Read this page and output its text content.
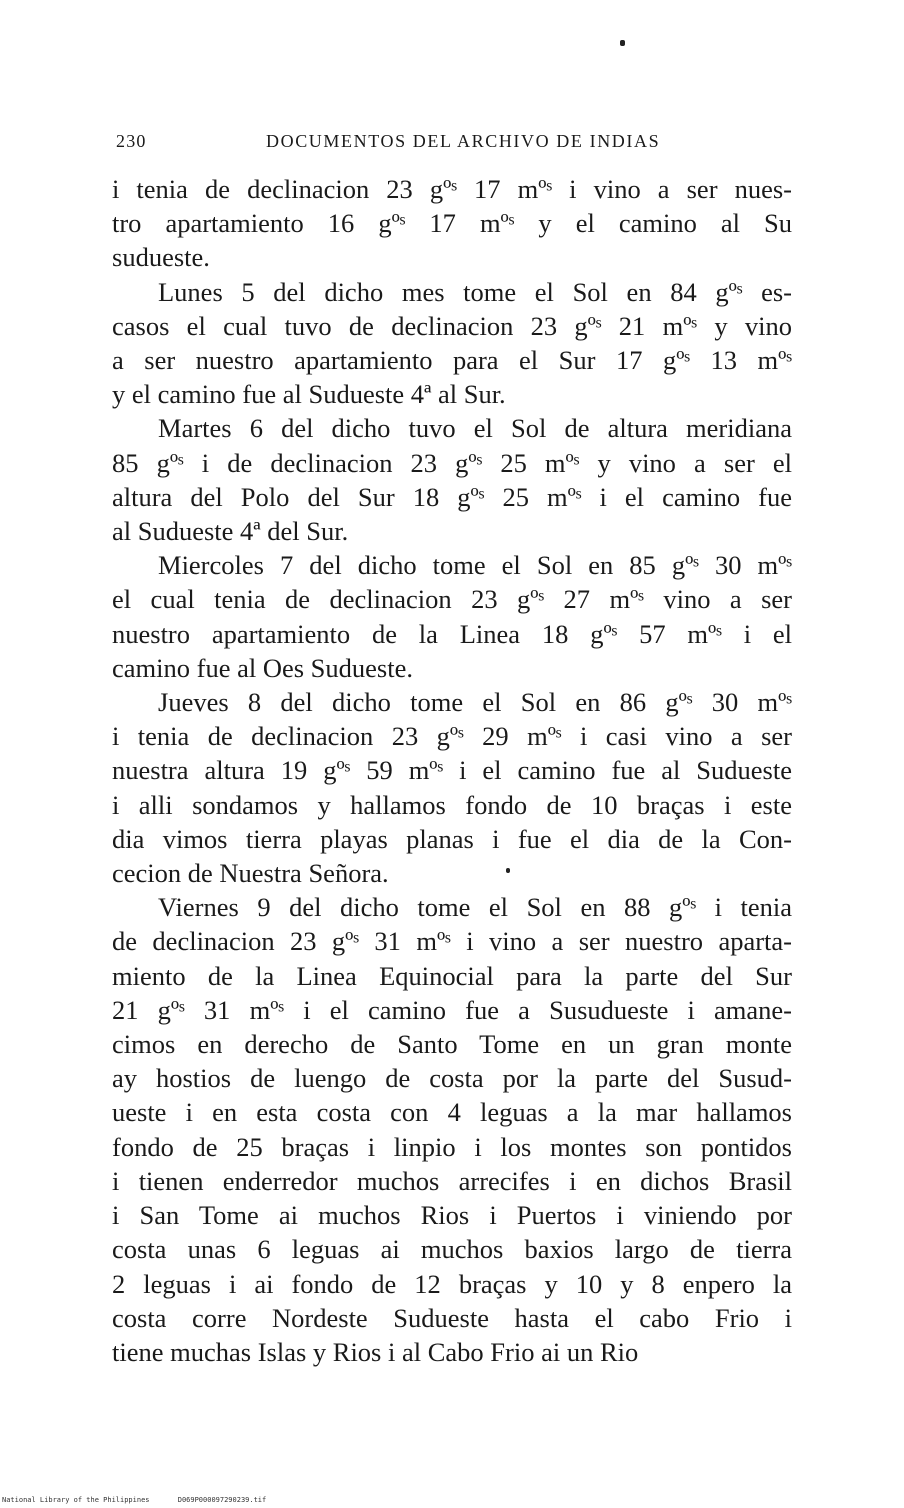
230	DOCUMENTOS DEL ARCHIVO DE INDIAS

i tenia de declinacion 23 gºˢ 17 mºˢ i vino a ser nues-
tro apartamiento 16 gºˢ 17 mºˢ y el camino al Su
sudueste.

Lunes 5 del dicho mes tome el Sol en 84 gºˢ es-
casos el cual tuvo de declinacion 23 gºˢ 21 mºˢ y vino
a ser nuestro apartamiento para el Sur 17 gºˢ 13 mºˢ
y el camino fue al Sudueste 4ª al Sur.

Martes 6 del dicho tuvo el Sol de altura meridiana
85 gºˢ i de declinacion 23 gºˢ 25 mºˢ y vino a ser el
altura del Polo del Sur 18 gºˢ 25 mºˢ i el camino fue
al Sudueste 4ª del Sur.

Miercoles 7 del dicho tome el Sol en 85 gºˢ 30 mºˢ
el cual tenia de declinacion 23 gºˢ 27 mºˢ vino a ser
nuestro apartamiento de la Linea 18 gºˢ 57 mºˢ i el
camino fue al Oes Sudueste.

Jueves 8 del dicho tome el Sol en 86 gºˢ 30 mºˢ
i tenia de declinacion 23 gºˢ 29 mºˢ i casi vino a ser
nuestra altura 19 gºˢ 59 mºˢ i el camino fue al Sudueste
i alli sondamos y hallamos fondo de 10 braças i este
dia vimos tierra playas planas i fue el dia de la Con-
cecion de Nuestra Señora.

Viernes 9 del dicho tome el Sol en 88 gºˢ i tenia
de declinacion 23 gºˢ 31 mºˢ i vino a ser nuestro aparta-
miento de la Linea Equinocial para la parte del Sur
21 gºˢ 31 mºˢ i el camino fue a Susudueste i amane-
cimos en derecho de Santo Tome en un gran monte
ay hostios de luengo de costa por la parte del Susud-
ueste i en esta costa con 4 leguas a la mar hallamos
fondo de 25 braças i linpio i los montes son pontidos
i tienen enderredor muchos arrecifes i en dichos Brasil
i San Tome ai muchos Rios i Puertos i viniendo por
costa unas 6 leguas ai muchos baxios largo de tierra
2 leguas i ai fondo de 12 braças y 10 y 8 enpero la
costa corre Nordeste Sudueste hasta el cabo Frio i
tiene muchas Islas y Rios i al Cabo Frio ai un Rio

National Library of the Philippines	D069P000097290239.tif
